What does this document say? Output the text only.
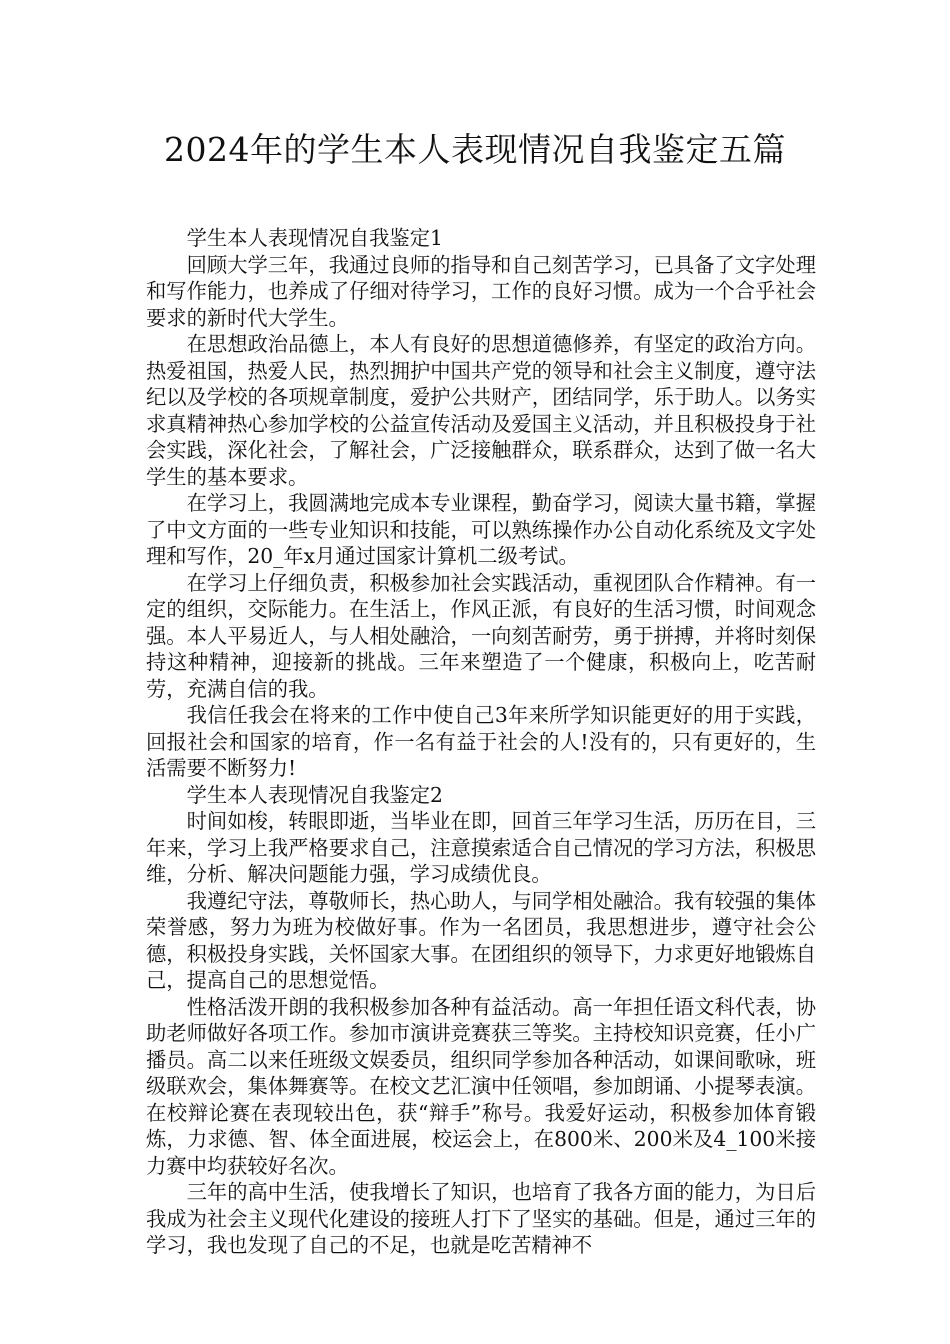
2024年的学生本人表现情况自我鉴定五篇

学生本人表现情况自我鉴定1

回顾大学三年，我通过良师的指导和自己刻苦学习，已具备了文字处理和写作能力，也养成了仔细对待学习，工作的良好习惯。成为一个合乎社会要求的新时代大学生。

在思想政治品德上，本人有良好的思想道德修养，有坚定的政治方向。热爱祖国，热爱人民，热烈拥护中国共产党的领导和社会主义制度，遵守法纪以及学校的各项规章制度，爱护公共财产，团结同学，乐于助人。以务实求真精神热心参加学校的公益宣传活动及爱国主义活动，并且积极投身于社会实践，深化社会，了解社会，广泛接触群众，联系群众，达到了做一名大学生的基本要求。

在学习上，我圆满地完成本专业课程，勤奋学习，阅读大量书籍，掌握了中文方面的一些专业知识和技能，可以熟练操作办公自动化系统及文字处理和写作，20_年x月通过国家计算机二级考试。

在学习上仔细负责，积极参加社会实践活动，重视团队合作精神。有一定的组织，交际能力。在生活上，作风正派，有良好的生活习惯，时间观念强。本人平易近人，与人相处融洽，一向刻苦耐劳，勇于拼搏，并将时刻保持这种精神，迎接新的挑战。三年来塑造了一个健康，积极向上，吃苦耐劳，充满自信的我。

我信任我会在将来的工作中使自己3年来所学知识能更好的用于实践，回报社会和国家的培育，作一名有益于社会的人!没有的，只有更好的，生活需要不断努力!

学生本人表现情况自我鉴定2

时间如梭，转眼即逝，当毕业在即，回首三年学习生活，历历在目，三年来，学习上我严格要求自己，注意摸索适合自己情况的学习方法，积极思维，分析、解决问题能力强，学习成绩优良。

我遵纪守法，尊敬师长，热心助人，与同学相处融洽。我有较强的集体荣誉感，努力为班为校做好事。作为一名团员，我思想进步，遵守社会公德，积极投身实践，关怀国家大事。在团组织的领导下，力求更好地锻炼自己，提高自己的思想觉悟。

性格活泼开朗的我积极参加各种有益活动。高一年担任语文科代表，协助老师做好各项工作。参加市演讲竞赛获三等奖。主持校知识竞赛，任小广播员。高二以来任班级文娱委员，组织同学参加各种活动，如课间歌咏，班级联欢会，集体舞赛等。在校文艺汇演中任领唱，参加朗诵、小提琴表演。在校辩论赛在表现较出色，获“辩手”称号。我爱好运动，积极参加体育锻炼，力求德、智、体全面进展，校运会上，在800米、200米及4_100米接力赛中均获较好名次。

三年的高中生活，使我增长了知识，也培育了我各方面的能力，为日后我成为社会主义现代化建设的接班人打下了坚实的基础。但是，通过三年的学习，我也发现了自己的不足，也就是吃苦精神不
